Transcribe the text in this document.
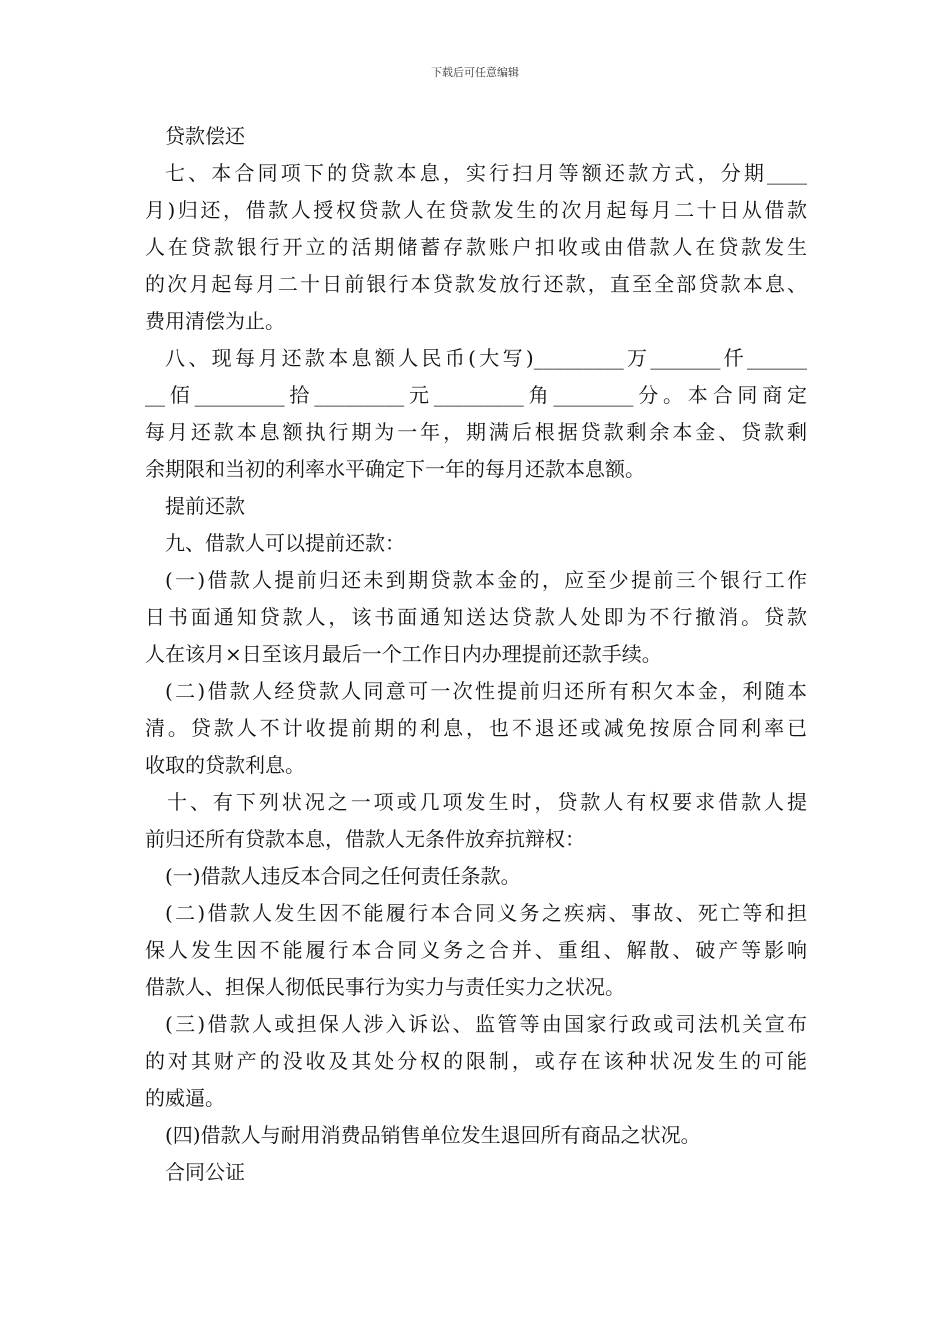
下载后可任意编辑
贷款偿还
七、本合同项下的贷款本息，实行扫月等额还款方式，分期____
月)归还，借款人授权贷款人在贷款发生的次月起每月二十日从借款
人在贷款银行开立的活期储蓄存款账户扣收或由借款人在贷款发生
的次月起每月二十日前银行本贷款发放行还款，直至全部贷款本息、
费用清偿为止。
八、现每月还款本息额人民币(大写)_________万_______仟______
__佰_________拾_________元_________角________分。本合同商定
每月还款本息额执行期为一年，期满后根据贷款剩余本金、贷款剩
余期限和当初的利率水平确定下一年的每月还款本息额。
提前还款
九、借款人可以提前还款：
(一)借款人提前归还未到期贷款本金的，应至少提前三个银行工作
日书面通知贷款人，该书面通知送达贷款人处即为不行撤消。贷款
人在该月×日至该月最后一个工作日内办理提前还款手续。
(二)借款人经贷款人同意可一次性提前归还所有积欠本金，利随本
清。贷款人不计收提前期的利息，也不退还或减免按原合同利率已
收取的贷款利息。
十、有下列状况之一项或几项发生时，贷款人有权要求借款人提
前归还所有贷款本息，借款人无条件放弃抗辩权：
(一)借款人违反本合同之任何责任条款。
(二)借款人发生因不能履行本合同义务之疾病、事故、死亡等和担
保人发生因不能履行本合同义务之合并、重组、解散、破产等影响
借款人、担保人彻低民事行为实力与责任实力之状况。
(三)借款人或担保人涉入诉讼、监管等由国家行政或司法机关宣布
的对其财产的没收及其处分权的限制，或存在该种状况发生的可能
的威逼。
(四)借款人与耐用消费品销售单位发生退回所有商品之状况。
合同公证
